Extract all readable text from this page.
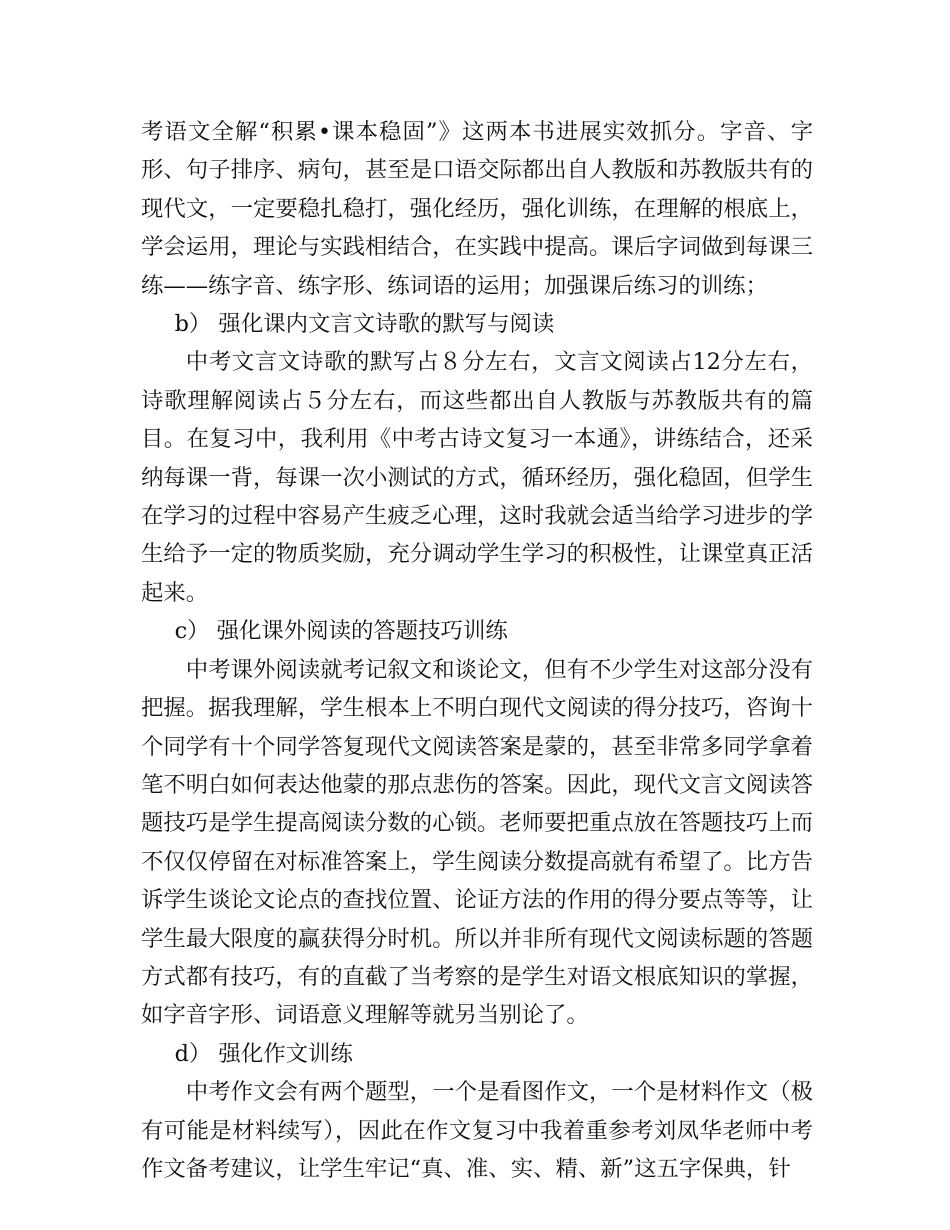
考语文全解“积累•课本稳固”》这两本书进展实效抓分。字音、字形、句子排序、病句，甚至是口语交际都出自人教版和苏教版共有的现代文，一定要稳扎稳打，强化经历，强化训练，在理解的根底上，学会运用，理论与实践相结合，在实践中提高。课后字词做到每课三练——练字音、练字形、练词语的运用；加强课后练习的训练；

b） 强化课内文言文诗歌的默写与阅读

中考文言文诗歌的默写占８分左右，文言文阅读占12分左右，诗歌理解阅读占５分左右，而这些都出自人教版与苏教版共有的篇目。在复习中，我利用《中考古诗文复习一本通》，讲练结合，还采纳每课一背，每课一次小测试的方式，循环经历，强化稳固，但学生在学习的过程中容易产生疲乏心理，这时我就会适当给学习进步的学生给予一定的物质奖励，充分调动学生学习的积极性，让课堂真正活起来。

c） 强化课外阅读的答题技巧训练

中考课外阅读就考记叙文和谈论文，但有不少学生对这部分没有把握。据我理解，学生根本上不明白现代文阅读的得分技巧，咨询十个同学有十个同学答复现代文阅读答案是蒙的，甚至非常多同学拿着笔不明白如何表达他蒙的那点悲伤的答案。因此，现代文言文阅读答题技巧是学生提高阅读分数的心锁。老师要把重点放在答题技巧上而不仅仅停留在对标准答案上，学生阅读分数提高就有希望了。比方告诉学生谈论文论点的查找位置、论证方法的作用的得分要点等等，让学生最大限度的赢获得分时机。所以并非所有现代文阅读标题的答题方式都有技巧，有的直截了当考察的是学生对语文根底知识的掌握，如字音字形、词语意义理解等就另当别论了。

d） 强化作文训练

中考作文会有两个题型，一个是看图作文，一个是材料作文（极有可能是材料续写），因此在作文复习中我着重参考刘凤华老师中考作文备考建议，让学生牢记“真、准、实、精、新”这五字保典，针
